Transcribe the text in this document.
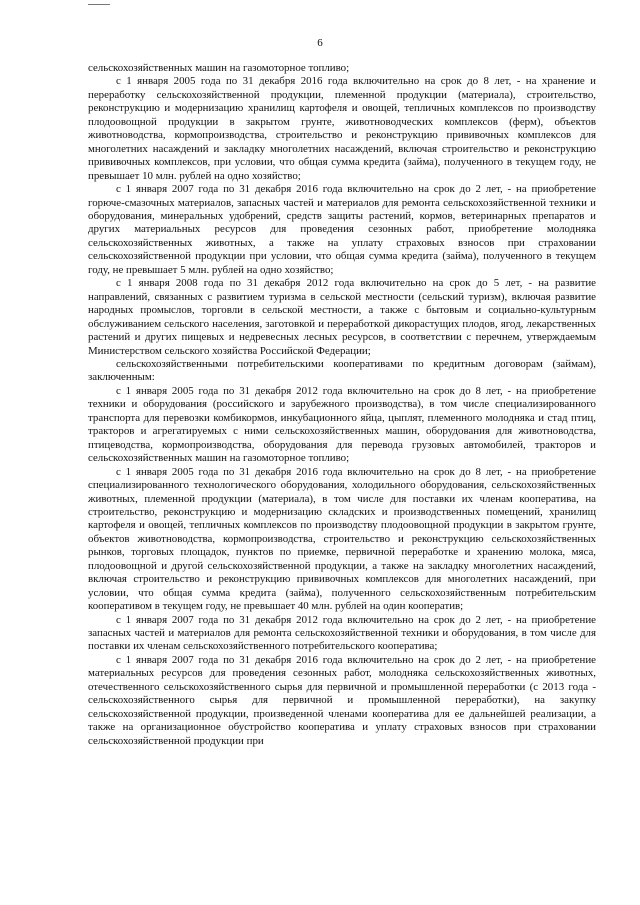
6

сельскохозяйственных машин на газомоторное топливо;

с 1 января 2005 года по 31 декабря 2016 года включительно на срок до 8 лет, - на хранение и переработку сельскохозяйственной продукции, племенной продукции (материала), строительство, реконструкцию и модернизацию хранилищ картофеля и овощей, тепличных комплексов по производству плодоовощной продукции в закрытом грунте, животноводческих комплексов (ферм), объектов животноводства, кормопроизводства, строительство и реконструкцию прививочных комплексов для многолетних насаждений и закладку многолетних насаждений, включая строительство и реконструкцию прививочных комплексов, при условии, что общая сумма кредита (займа), полученного в текущем году, не превышает 10 млн. рублей на одно хозяйство;

с 1 января 2007 года по 31 декабря 2016 года включительно на срок до 2 лет, - на приобретение горюче-смазочных материалов, запасных частей и материалов для ремонта сельскохозяйственной техники и оборудования, минеральных удобрений, средств защиты растений, кормов, ветеринарных препаратов и других материальных ресурсов для проведения сезонных работ, приобретение молодняка сельскохозяйственных животных, а также на уплату страховых взносов при страховании сельскохозяйственной продукции при условии, что общая сумма кредита (займа), полученного в текущем году, не превышает 5 млн. рублей на одно хозяйство;

с 1 января 2008 года по 31 декабря 2012 года включительно на срок до 5 лет, - на развитие направлений, связанных с развитием туризма в сельской местности (сельский туризм), включая развитие народных промыслов, торговли в сельской местности, а также с бытовым и социально-культурным обслуживанием сельского населения, заготовкой и переработкой дикорастущих плодов, ягод, лекарственных растений и других пищевых и недревесных лесных ресурсов, в соответствии с перечнем, утверждаемым Министерством сельского хозяйства Российской Федерации;

сельскохозяйственными потребительскими кооперативами по кредитным договорам (займам), заключенным:

с 1 января 2005 года по 31 декабря 2012 года включительно на срок до 8 лет, - на приобретение техники и оборудования (российского и зарубежного производства), в том числе специализированного транспорта для перевозки комбикормов, инкубационного яйца, цыплят, племенного молодняка и стад птиц, тракторов и агрегатируемых с ними сельскохозяйственных машин, оборудования для животноводства, птицеводства, кормопроизводства, оборудования для перевода грузовых автомобилей, тракторов и сельскохозяйственных машин на газомоторное топливо;

с 1 января 2005 года по 31 декабря 2016 года включительно на срок до 8 лет, - на приобретение специализированного технологического оборудования, холодильного оборудования, сельскохозяйственных животных, племенной продукции (материала), в том числе для поставки их членам кооператива, на строительство, реконструкцию и модернизацию складских и производственных помещений, хранилищ картофеля и овощей, тепличных комплексов по производству плодоовощной продукции в закрытом грунте, объектов животноводства, кормопроизводства, строительство и реконструкцию сельскохозяйственных рынков, торговых площадок, пунктов по приемке, первичной переработке и хранению молока, мяса, плодоовощной и другой сельскохозяйственной продукции, а также на закладку многолетних насаждений, включая строительство и реконструкцию прививочных комплексов для многолетних насаждений, при условии, что общая сумма кредита (займа), полученного сельскохозяйственным потребительским кооперативом в текущем году, не превышает 40 млн. рублей на один кооператив;

с 1 января 2007 года по 31 декабря 2012 года включительно на срок до 2 лет, - на приобретение запасных частей и материалов для ремонта сельскохозяйственной техники и оборудования, в том числе для поставки их членам сельскохозяйственного потребительского кооператива;

с 1 января 2007 года по 31 декабря 2016 года включительно на срок до 2 лет, - на приобретение материальных ресурсов для проведения сезонных работ, молодняка сельскохозяйственных животных, отечественного сельскохозяйственного сырья для первичной и промышленной переработки (с 2013 года - сельскохозяйственного сырья для первичной и промышленной переработки), на закупку сельскохозяйственной продукции, произведенной членами кооператива для ее дальнейшей реализации, а также на организационное обустройство кооператива и уплату страховых взносов при страховании сельскохозяйственной продукции при
